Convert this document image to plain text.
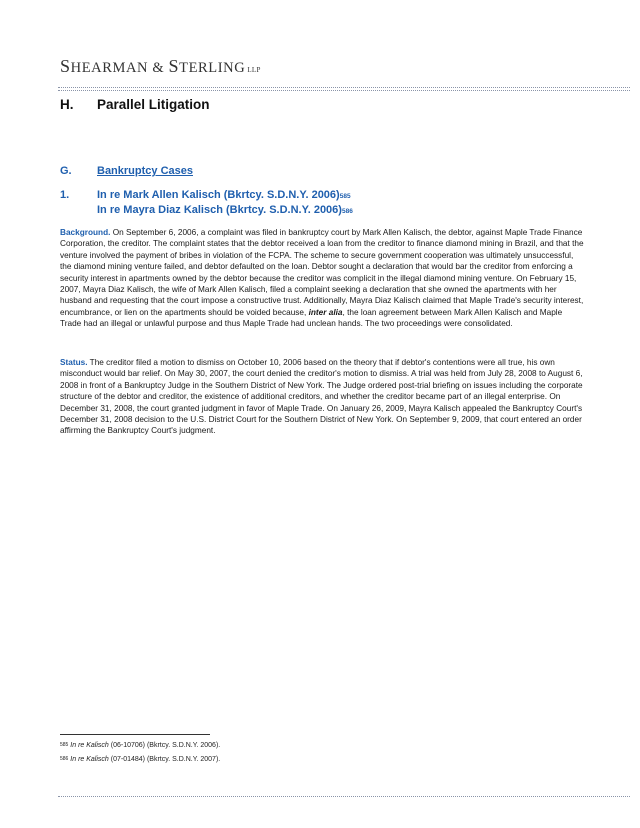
SHEARMAN & STERLING LLP
H. Parallel Litigation
G. Bankruptcy Cases
1.	In re Mark Allen Kalisch (Bkrtcy. S.D.N.Y. 2006)$^{585}$
In re Mayra Diaz Kalisch (Bkrtcy. S.D.N.Y. 2006)$^{586}$
Background. On September 6, 2006, a complaint was filed in bankruptcy court by Mark Allen Kalisch, the debtor, against Maple Trade Finance Corporation, the creditor. The complaint states that the debtor received a loan from the creditor to finance diamond mining in Brazil, and that the venture involved the payment of bribes in violation of the FCPA. The scheme to secure government cooperation was ultimately unsuccessful, the diamond mining venture failed, and debtor defaulted on the loan. Debtor sought a declaration that would bar the creditor from enforcing a security interest in apartments owned by the debtor because the creditor was complicit in the illegal diamond mining venture. On February 15, 2007, Mayra Diaz Kalisch, the wife of Mark Allen Kalisch, filed a complaint seeking a declaration that she owned the apartments with her husband and requesting that the court impose a constructive trust. Additionally, Mayra Diaz Kalisch claimed that Maple Trade's security interest, encumbrance, or lien on the apartments should be voided because, inter alia, the loan agreement between Mark Allen Kalisch and Maple Trade had an illegal or unlawful purpose and thus Maple Trade had unclean hands. The two proceedings were consolidated.
Status. The creditor filed a motion to dismiss on October 10, 2006 based on the theory that if debtor's contentions were all true, his own misconduct would bar relief. On May 30, 2007, the court denied the creditor's motion to dismiss. A trial was held from July 28, 2008 to August 6, 2008 in front of a Bankruptcy Judge in the Southern District of New York. The Judge ordered post-trial briefing on issues including the corporate structure of the debtor and creditor, the existence of additional creditors, and whether the creditor became part of an illegal enterprise. On December 31, 2008, the court granted judgment in favor of Maple Trade. On January 26, 2009, Mayra Kalisch appealed the Bankruptcy Court's December 31, 2008 decision to the U.S. District Court for the Southern District of New York. On September 9, 2009, that court entered an order affirming the Bankruptcy Court's judgment.
$^{585}$ In re Kalisch (06-10706) (Bkrtcy. S.D.N.Y. 2006).
$^{586}$ In re Kalisch (07-01484) (Bkrtcy. S.D.N.Y. 2007).
